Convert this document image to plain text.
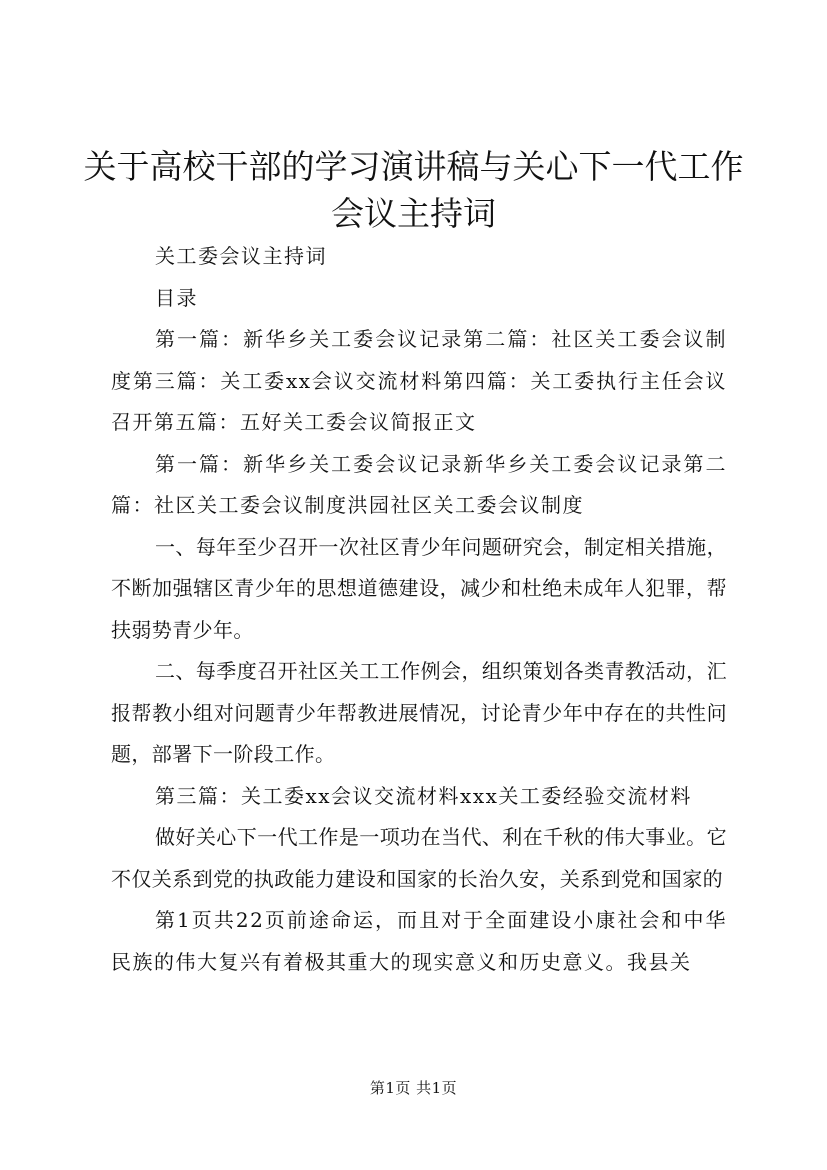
关于高校干部的学习演讲稿与关心下一代工作
会议主持词

关工委会议主持词

目录

第一篇：新华乡关工委会议记录第二篇：社区关工委会议制度第三篇：关工委xx会议交流材料第四篇：关工委执行主任会议召开第五篇：五好关工委会议简报正文

第一篇：新华乡关工委会议记录新华乡关工委会议记录第二篇：社区关工委会议制度洪园社区关工委会议制度

一、每年至少召开一次社区青少年问题研究会，制定相关措施，不断加强辖区青少年的思想道德建设，减少和杜绝未成年人犯罪，帮扶弱势青少年。

二、每季度召开社区关工工作例会，组织策划各类青教活动，汇报帮教小组对问题青少年帮教进展情况，讨论青少年中存在的共性问题，部署下一阶段工作。

第三篇：关工委xx会议交流材料xxx关工委经验交流材料

做好关心下一代工作是一项功在当代、利在千秋的伟大事业。它不仅关系到党的执政能力建设和国家的长治久安，关系到党和国家的

第1页共22页前途命运，而且对于全面建设小康社会和中华民族的伟大复兴有着极其重大的现实意义和历史意义。我县关

第1页 共1页
